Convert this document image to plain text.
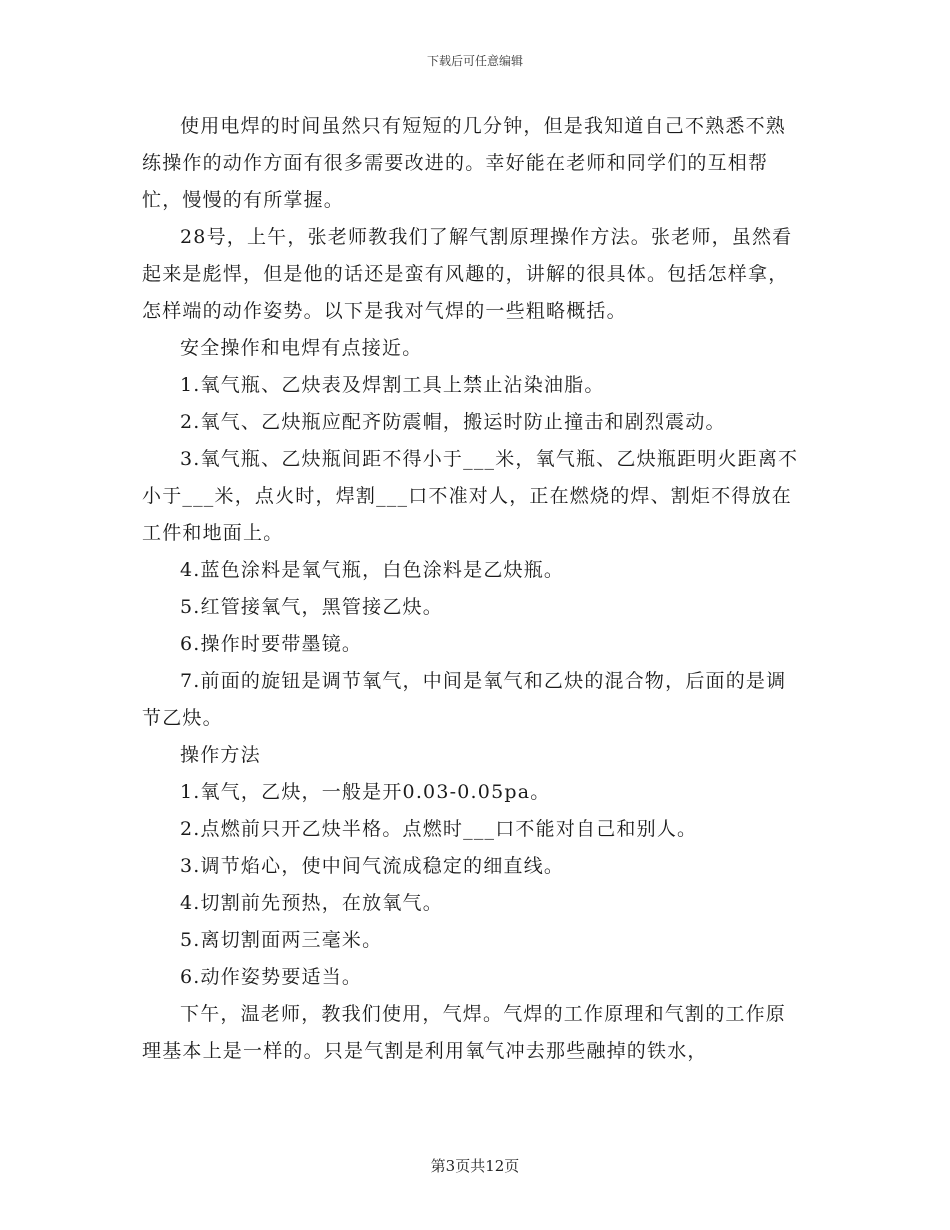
下载后可任意编辑

使用电焊的时间虽然只有短短的几分钟，但是我知道自己不熟悉不熟练操作的动作方面有很多需要改进的。幸好能在老师和同学们的互相帮忙，慢慢的有所掌握。

28号，上午，张老师教我们了解气割原理操作方法。张老师，虽然看起来是彪悍，但是他的话还是蛮有风趣的，讲解的很具体。包括怎样拿，怎样端的动作姿势。以下是我对气焊的一些粗略概括。

安全操作和电焊有点接近。

1.氧气瓶、乙炔表及焊割工具上禁止沾染油脂。

2.氧气、乙炔瓶应配齐防震帽，搬运时防止撞击和剧烈震动。

3.氧气瓶、乙炔瓶间距不得小于___米，氧气瓶、乙炔瓶距明火距离不小于___米，点火时，焊割___口不准对人，正在燃烧的焊、割炬不得放在工件和地面上。

4.蓝色涂料是氧气瓶，白色涂料是乙炔瓶。

5.红管接氧气，黑管接乙炔。

6.操作时要带墨镜。

7.前面的旋钮是调节氧气，中间是氧气和乙炔的混合物，后面的是调节乙炔。

操作方法

1.氧气，乙炔，一般是开0.03-0.05pa。

2.点燃前只开乙炔半格。点燃时___口不能对自己和别人。

3.调节焰心，使中间气流成稳定的细直线。

4.切割前先预热，在放氧气。

5.离切割面两三毫米。

6.动作姿势要适当。

下午，温老师，教我们使用，气焊。气焊的工作原理和气割的工作原理基本上是一样的。只是气割是利用氧气冲去那些融掉的铁水，

第3页共12页
